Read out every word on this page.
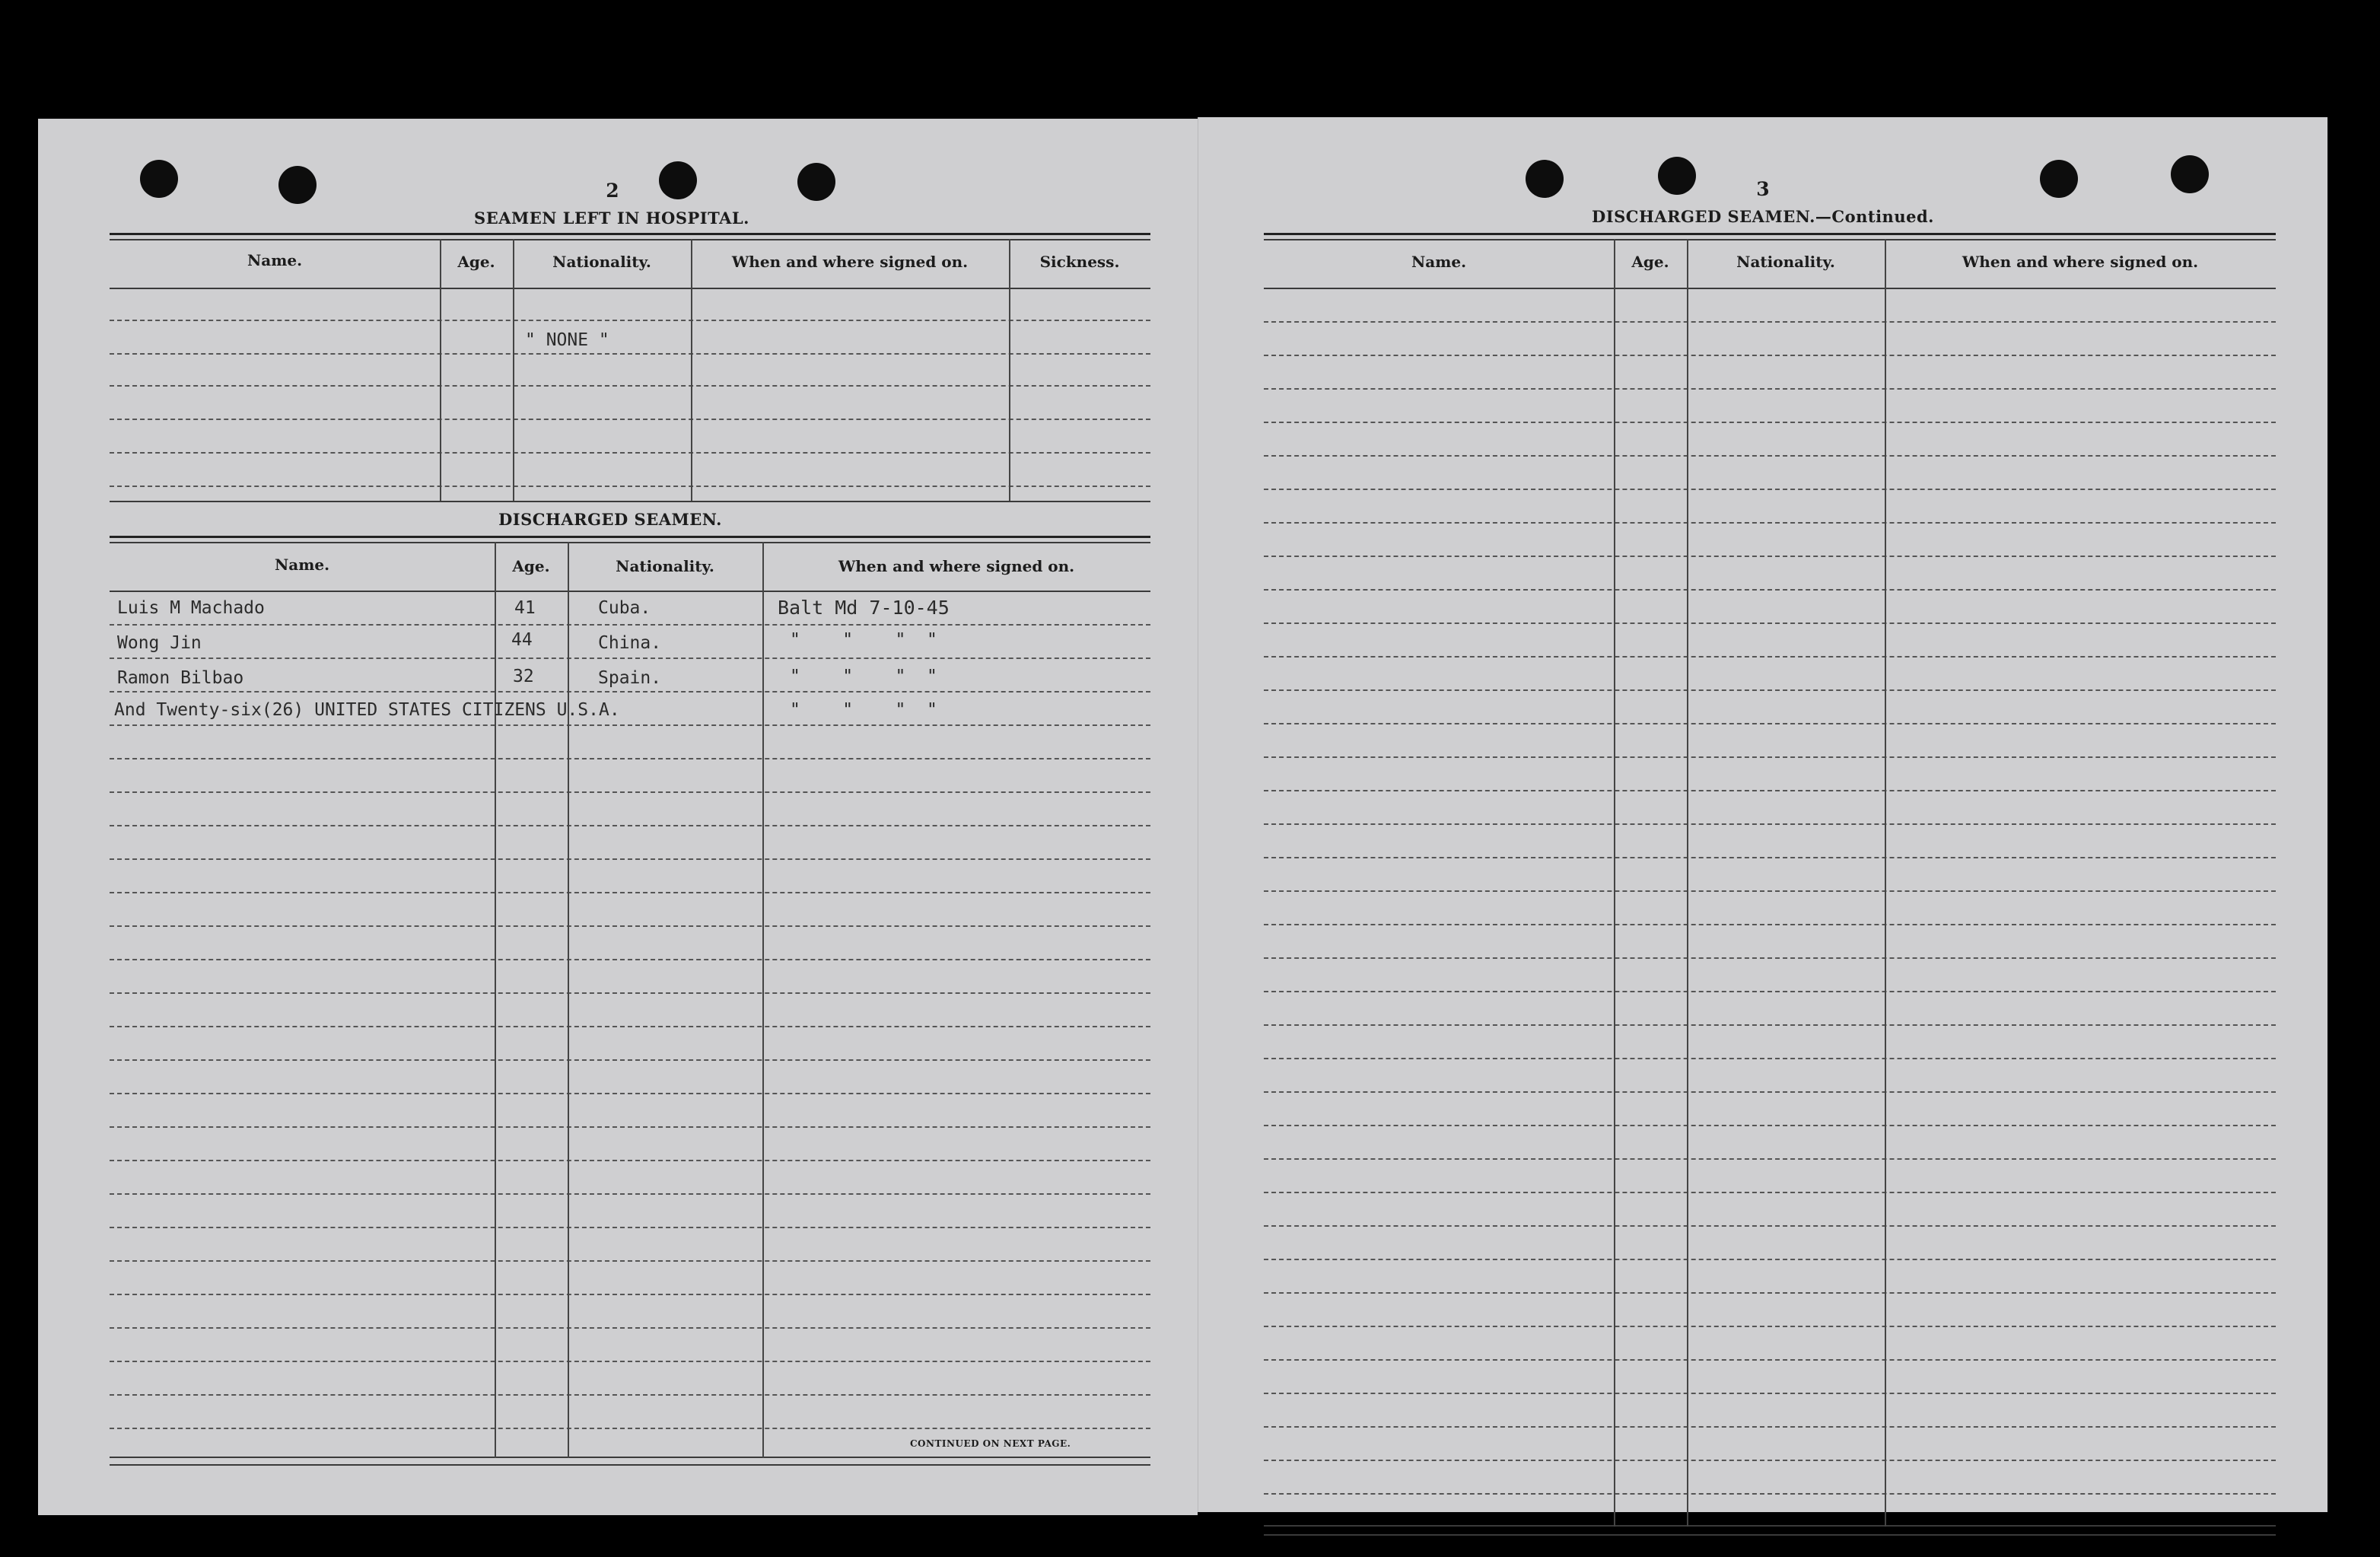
2
SEAMEN LEFT IN HOSPITAL.
Name.	Age.	Nationality.	When and where signed on.	Sickness.
" NONE "
DISCHARGED SEAMEN.
Name.	Age.	Nationality.	When and where signed on.
Luis M Machado	41	Cuba.	Balt Md 7-10-45
Wong Jin	44	China.	"    "    "  "
Ramon Bilbao	32	Spain.	"    "    "  "
And Twenty-six(26) UNITED STATES CITIZENS U.S.A.	"    "    "  "
CONTINUED ON NEXT PAGE.
3
DISCHARGED SEAMEN.—Continued.
Name.	Age.	Nationality.	When and where signed on.
